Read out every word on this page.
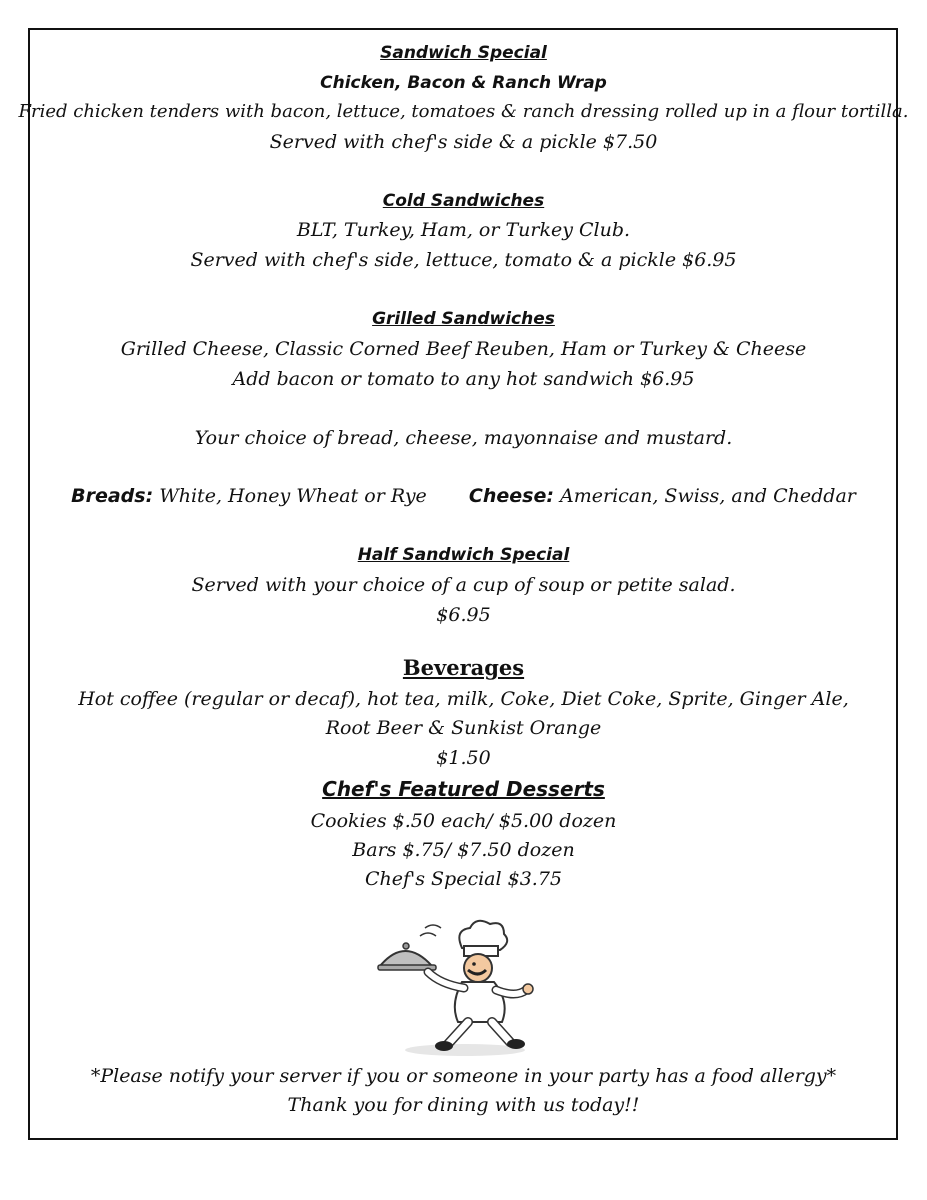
Sandwich Special
Chicken, Bacon & Ranch Wrap
Fried chicken tenders with bacon, lettuce, tomatoes & ranch dressing rolled up in a flour tortilla.
Served with chef's side & a pickle $7.50
Cold Sandwiches
BLT, Turkey, Ham, or Turkey Club.
Served with chef's side, lettuce, tomato & a pickle $6.95
Grilled Sandwiches
Grilled Cheese, Classic Corned Beef Reuben, Ham or Turkey & Cheese
Add bacon or tomato to any hot sandwich $6.95
Your choice of bread, cheese, mayonnaise and mustard.
Breads: White, Honey Wheat or Rye Cheese: American, Swiss, and Cheddar
Half Sandwich Special
Served with your choice of a cup of soup or petite salad.
$6.95
Beverages
Hot coffee (regular or decaf), hot tea, milk, Coke, Diet Coke, Sprite, Ginger Ale,
Root Beer & Sunkist Orange
$1.50
Chef's Featured Desserts
Cookies $.50 each/ $5.00 dozen
Bars $.75/ $7.50 dozen
Chef's Special $3.75
*Please notify your server if you or someone in your party has a food allergy*
Thank you for dining with us today!!
